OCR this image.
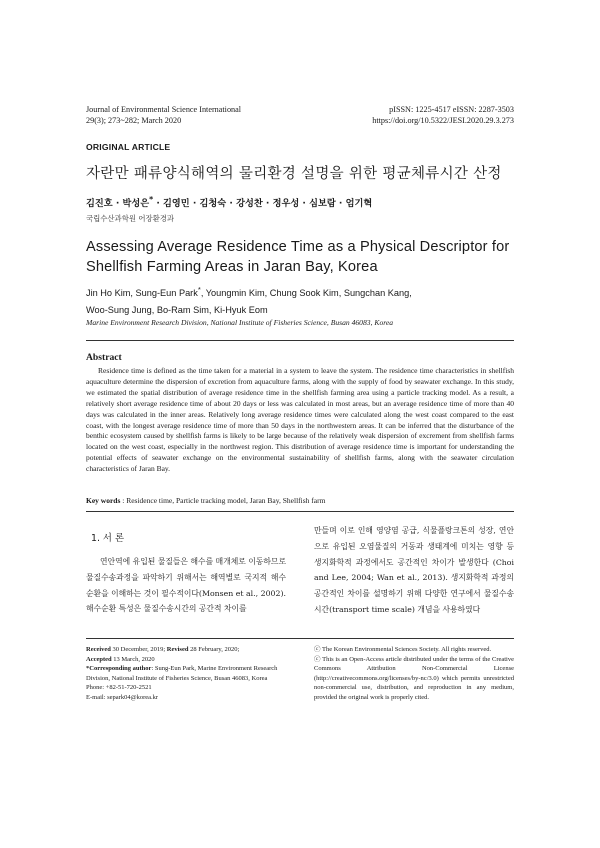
Journal of Environmental Science International
29(3); 273~282; March 2020
pISSN: 1225-4517 eISSN: 2287-3503
https://doi.org/10.5322/JESI.2020.29.3.273
ORIGINAL ARTICLE
자란만 패류양식해역의 물리환경 설명을 위한 평균체류시간 산정
김진호 · 박성은* · 김영민 · 김청숙 · 강성찬 · 정우성 · 심보람 · 엄기혁
국립수산과학원 어장환경과
Assessing Average Residence Time as a Physical Descriptor for
Shellfish Farming Areas in Jaran Bay, Korea
Jin Ho Kim, Sung-Eun Park*, Youngmin Kim, Chung Sook Kim, Sungchan Kang,
Woo-Sung Jung, Bo-Ram Sim, Ki-Hyuk Eom
Marine Environment Research Division, National Institute of Fisheries Science, Busan 46083, Korea
Abstract

Residence time is defined as the time taken for a material in a system to leave the system. The residence time characteristics in shellfish aquaculture determine the dispersion of excretion from aquaculture farms, along with the supply of food by seawater exchange. In this study, we estimated the spatial distribution of average residence time in the shellfish farming area using a particle tracking model. As a result, a relatively short average residence time of about 20 days or less was calculated in most areas, but an average residence time of more than 40 days was calculated in the inner areas. Relatively long average residence times were calculated along the west coast compared to the east coast, with the longest average residence time of more than 50 days in the northwestern areas. It can be inferred that the disturbance of the benthic ecosystem caused by shellfish farms is likely to be large because of the relatively weak dispersion of excrement from shellfish farms located on the west coast, especially in the northwest region. This distribution of average residence time is important for understanding the potential effects of seawater exchange on the environmental sustainability of shellfish farms, along with the seawater circulation characteristics of Jaran Bay.

Key words : Residence time, Particle tracking model, Jaran Bay, Shellfish farm
1. 서 론

연안역에 유입된 물질들은 해수를 매개체로 이동하므로 물질수송과정을 파악하기 위해서는 해역별로 국지적 해수순환을 이해하는 것이 필수적이다(Monsen et al., 2002). 해수순환 특성은 물질수송시간의 공간적 차이를

만들며 이로 인해 영양염 공급, 식물플랑크톤의 성장, 연안으로 유입된 오염물질의 거동과 생태계에 미치는 영향 등 생지화학적 과정에서도 공간적인 차이가 발생한다 (Choi and Lee, 2004; Wan et al., 2013). 생지화학적 과정의 공간적인 차이를 설명하기 위해 다양한 연구에서 물질수송시간(transport time scale) 개념을 사용하였다

Received 30 December, 2019; Revised 28 February, 2020;
Accepted 13 March, 2020
*Corresponding author: Sung-Eun Park, Marine Environment Research Division, National Institute of Fisheries Science, Busan 46083, Korea
Phone: +82-51-720-2521
E-mail: separk04@korea.kr
ⓒ The Korean Environmental Sciences Society. All rights reserved.
ⓒ This is an Open-Access article distributed under the terms of the Creative Commons Attribution Non-Commercial License (http://creativecommons.org/licenses/by-nc/3.0) which permits unrestricted non-commercial use, distribution, and reproduction in any medium, provided the original work is properly cited.
